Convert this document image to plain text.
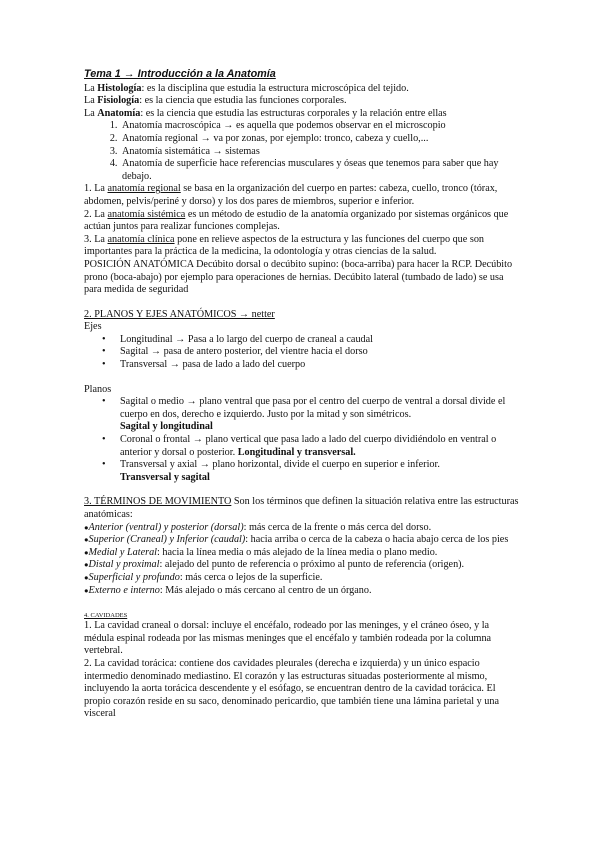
Tema 1 → Introducción a la Anatomía

La Histología: es la disciplina que estudia la estructura microscópica del tejido.

La Fisiología: es la ciencia que estudia las funciones corporales.

La Anatomía: es la ciencia que estudia las estructuras corporales y la relación entre ellas

1. Anatomía macroscópica → es aquella que podemos observar en el microscopio
2. Anatomía regional → va por zonas, por ejemplo: tronco, cabeza y cuello,...
3. Anatomía sistemática → sistemas
4. Anatomía de superficie hace referencias musculares y óseas que tenemos para saber que hay debajo.

1. La anatomía regional se basa en la organización del cuerpo en partes: cabeza, cuello, tronco (tórax, abdomen, pelvis/periné y dorso) y los dos pares de miembros, superior e inferior.

2. La anatomía sistémica es un método de estudio de la anatomía organizado por sistemas orgánicos que actúan juntos para realizar funciones complejas.

3. La anatomía clínica pone en relieve aspectos de la estructura y las funciones del cuerpo que son importantes para la práctica de la medicina, la odontología y otras ciencias de la salud.

POSICIÓN ANATÓMICA Decúbito dorsal o decúbito supino: (boca-arriba) para hacer la RCP. Decúbito prono (boca-abajo) por ejemplo para operaciones de hernias. Decúbito lateral (tumbado de lado) se usa para medida de seguridad

2. PLANOS Y EJES ANATÓMICOS → netter

Ejes

• Longitudinal → Pasa a lo largo del cuerpo de craneal a caudal
• Sagital → pasa de antero posterior, del vientre hacia el dorso
• Transversal → pasa de lado a lado del cuerpo

Planos

• Sagital o medio → plano ventral que pasa por el centro del cuerpo de ventral a dorsal divide el cuerpo en dos, derecho e izquierdo. Justo por la mitad y son simétricos.
Sagital y longitudinal
• Coronal o frontal → plano vertical que pasa lado a lado del cuerpo dividiéndolo en ventral o anterior y dorsal o posterior. Longitudinal y transversal.
• Transversal y axial → plano horizontal, divide el cuerpo en superior e inferior.
Transversal y sagital

3. TÉRMINOS DE MOVIMIENTO Son los términos que definen la situación relativa entre las estructuras anatómicas:

● Anterior (ventral) y posterior (dorsal): más cerca de la frente o más cerca del dorso.

● Superior (Craneal) y Inferior (caudal): hacia arriba o cerca de la cabeza o hacia abajo cerca de los pies

● Medial y Lateral: hacia la línea media o más alejado de la línea media o plano medio.

● Distal y proximal: alejado del punto de referencia o próximo al punto de referencia (origen).

● Superficial y profundo: más cerca o lejos de la superficie.

● Externo e interno: Más alejado o más cercano al centro de un órgano.

4. CAVIDADES

1. La cavidad craneal o dorsal: incluye el encéfalo, rodeado por las meninges, y el cráneo óseo, y la médula espinal rodeada por las mismas meninges que el encéfalo y también rodeada por la columna vertebral.

2. La cavidad torácica: contiene dos cavidades pleurales (derecha e izquierda) y un único espacio intermedio denominado mediastino. El corazón y las estructuras situadas posteriormente al mismo, incluyendo la aorta torácica descendente y el esófago, se encuentran dentro de la cavidad torácica. El propio corazón reside en su saco, denominado pericardio, que también tiene una lámina parietal y una visceral
